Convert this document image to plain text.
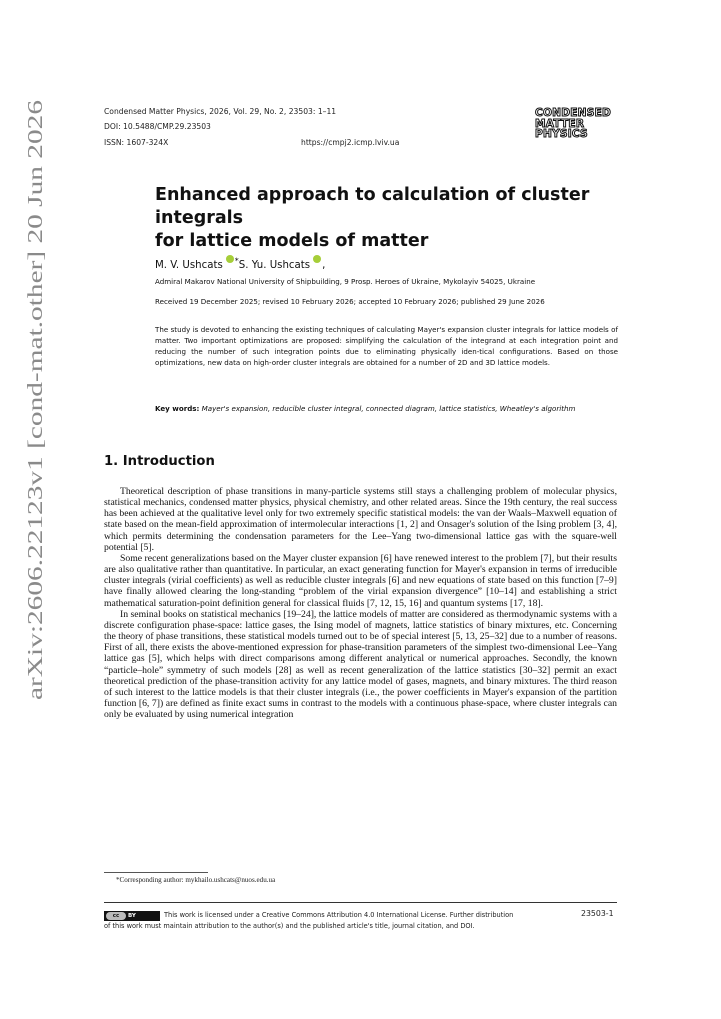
arXiv:2606.22123v1 [cond-mat.other] 20 Jun 2026
Condensed Matter Physics, 2026, Vol. 29, No. 2, 23503: 1–11
DOI: 10.5488/CMP.29.23503
ISSN: 1607-324X	https://cmpj2.icmp.lviv.ua
CONDENSED
MATTER
PHYSICS
Enhanced approach to calculation of cluster integrals
for lattice models of matter
M. V. Ushcats *S. Yu. Ushcats ,
Admiral Makarov National University of Shipbuilding, 9 Prosp. Heroes of Ukraine, Mykolayiv 54025, Ukraine
Received 19 December 2025; revised 10 February 2026; accepted 10 February 2026; published 29 June 2026
The study is devoted to enhancing the existing techniques of calculating Mayer's expansion cluster integrals for lattice models of matter. Two important optimizations are proposed: simplifying the calculation of the integrand at each integration point and reducing the number of such integration points due to eliminating physically iden-tical configurations. Based on those optimizations, new data on high-order cluster integrals are obtained for a number of 2D and 3D lattice models.
Key words: Mayer's expansion, reducible cluster integral, connected diagram, lattice statistics, Wheatley's algorithm
1. Introduction

Theoretical description of phase transitions in many-particle systems still stays a challenging problem of molecular physics, statistical mechanics, condensed matter physics, physical chemistry, and other related areas. Since the 19th century, the real success has been achieved at the qualitative level only for two extremely specific statistical models: the van der Waals–Maxwell equation of state based on the mean-field approximation of intermolecular interactions [1, 2] and Onsager's solution of the Ising problem [3, 4], which permits determining the condensation parameters for the Lee–Yang two-dimensional lattice gas with the square-well potential [5].

Some recent generalizations based on the Mayer cluster expansion [6] have renewed interest to the problem [7], but their results are also qualitative rather than quantitative. In particular, an exact generating function for Mayer's expansion in terms of irreducible cluster integrals (virial coefficients) as well as reducible cluster integrals [6] and new equations of state based on this function [7–9] have finally allowed clearing the long-standing “problem of the virial expansion divergence” [10–14] and establishing a strict mathematical saturation-point definition general for classical fluids [7, 12, 15, 16] and quantum systems [17, 18].

In seminal books on statistical mechanics [19–24], the lattice models of matter are considered as thermodynamic systems with a discrete configuration phase-space: lattice gases, the Ising model of magnets, lattice statistics of binary mixtures, etc. Concerning the theory of phase transitions, these statistical models turned out to be of special interest [5, 13, 25–32] due to a number of reasons. First of all, there exists the above-mentioned expression for phase-transition parameters of the simplest two-dimensional Lee–Yang lattice gas [5], which helps with direct comparisons among different analytical or numerical approaches. Secondly, the known “particle–hole” symmetry of such models [28] as well as recent generalization of the lattice statistics [30–32] permit an exact theoretical prediction of the phase-transition activity for any lattice model of gases, magnets, and binary mixtures. The third reason of such interest to the lattice models is that their cluster integrals (i.e., the power coefficients in Mayer's expansion of the partition function [6, 7]) are defined as finite exact sums in contrast to the models with a continuous phase-space, where cluster integrals can only be evaluated by using numerical integration

*Corresponding author: mykhailo.ushcats@nuos.edu.ua
cc	BY	This work is licensed under a Creative Commons Attribution 4.0 International License. Further distribution
of this work must maintain attribution to the author(s) and the published article's title, journal citation, and DOI.
23503-1
